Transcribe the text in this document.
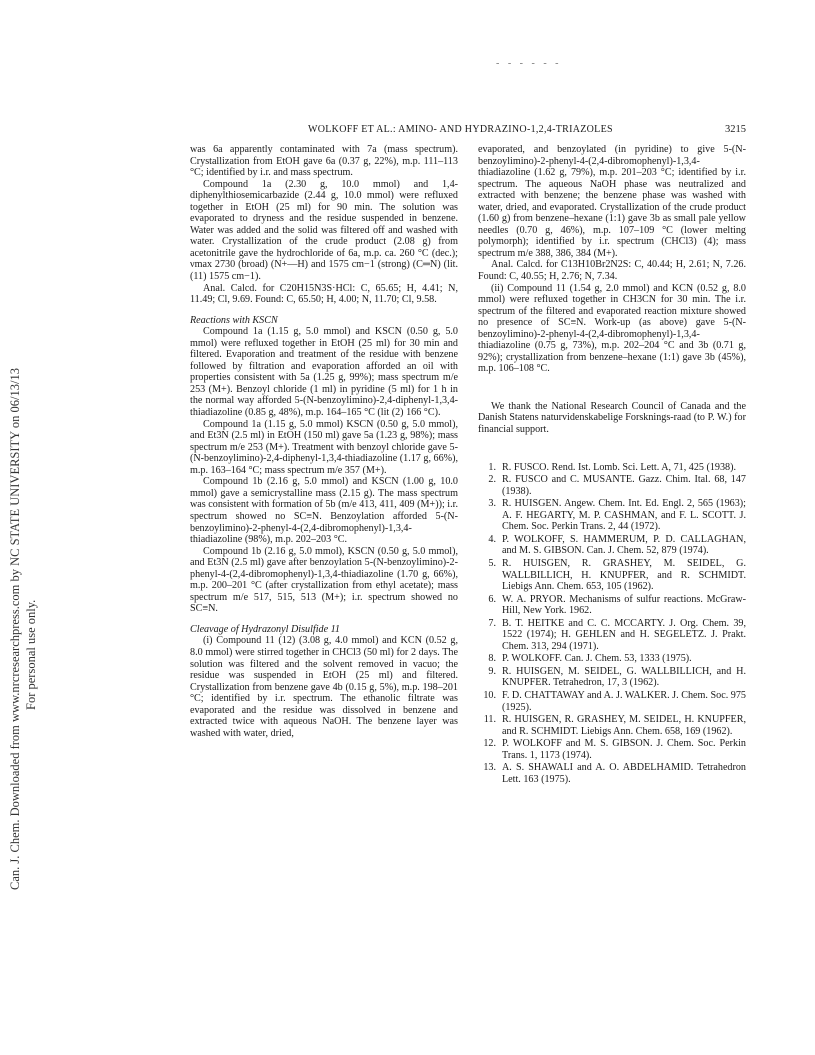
Can. J. Chem. Downloaded from www.nrcresearchpress.com by NC STATE UNIVERSITY on 06/13/13 For personal use only.
- - - - - -
WOLKOFF ET AL.: AMINO- AND HYDRAZINO-1,2,4-TRIAZOLES	3215

was 6a apparently contaminated with 7a (mass spectrum). Crystallization from EtOH gave 6a (0.37 g, 22%), m.p. 111–113 °C; identified by i.r. and mass spectrum.

Compound 1a (2.30 g, 10.0 mmol) and 1,4-diphenylthiosemicarbazide (2.44 g, 10.0 mmol) were refluxed together in EtOH (25 ml) for 90 min. The solution was evaporated to dryness and the residue suspended in benzene. Water was added and the solid was filtered off and washed with water. Crystallization of the crude product (2.08 g) from acetonitrile gave the hydrochloride of 6a, m.p. ca. 260 °C (dec.); νmax 2730 (broad) (N+—H) and 1575 cm−1 (strong) (C═N) (lit. (11) 1575 cm−1).

Anal. Calcd. for C20H15N3S·HCl: C, 65.65; H, 4.41; N, 11.49; Cl, 9.69. Found: C, 65.50; H, 4.00; N, 11.70; Cl, 9.58.

Reactions with KSCN

Compound 1a (1.15 g, 5.0 mmol) and KSCN (0.50 g, 5.0 mmol) were refluxed together in EtOH (25 ml) for 30 min and filtered. Evaporation and treatment of the residue with benzene followed by filtration and evaporation afforded an oil with properties consistent with 5a (1.25 g, 99%); mass spectrum m/e 253 (M+). Benzoyl chloride (1 ml) in pyridine (5 ml) for 1 h in the normal way afforded 5-(N-benzoylimino)-2,4-diphenyl-1,3,4-thiadiazoline (0.85 g, 48%), m.p. 164–165 °C (lit (2) 166 °C).

Compound 1a (1.15 g, 5.0 mmol) KSCN (0.50 g, 5.0 mmol), and Et3N (2.5 ml) in EtOH (150 ml) gave 5a (1.23 g, 98%); mass spectrum m/e 253 (M+). Treatment with benzoyl chloride gave 5-(N-benzoylimino)-2,4-diphenyl-1,3,4-thiadiazoline (1.17 g, 66%), m.p. 163–164 °C; mass spectrum m/e 357 (M+).

Compound 1b (2.16 g, 5.0 mmol) and KSCN (1.00 g, 10.0 mmol) gave a semicrystalline mass (2.15 g). The mass spectrum was consistent with formation of 5b (m/e 413, 411, 409 (M+)); i.r. spectrum showed no SC≡N. Benzoylation afforded 5-(N-benzoylimino)-2-phenyl-4-(2,4-dibromophenyl)-1,3,4-thiadiazoline (98%), m.p. 202–203 °C.

Compound 1b (2.16 g, 5.0 mmol), KSCN (0.50 g, 5.0 mmol), and Et3N (2.5 ml) gave after benzoylation 5-(N-benzoylimino)-2-phenyl-4-(2,4-dibromophenyl)-1,3,4-thiadiazoline (1.70 g, 66%), m.p. 200–201 °C (after crystallization from ethyl acetate); mass spectrum m/e 517, 515, 513 (M+); i.r. spectrum showed no SC≡N.

Cleavage of Hydrazonyl Disulfide 11

(i) Compound 11 (12) (3.08 g, 4.0 mmol) and KCN (0.52 g, 8.0 mmol) were stirred together in CHCl3 (50 ml) for 2 days. The solution was filtered and the solvent removed in vacuo; the residue was suspended in EtOH (25 ml) and filtered. Crystallization from benzene gave 4b (0.15 g, 5%), m.p. 198–201 °C; identified by i.r. spectrum. The ethanolic filtrate was evaporated and the residue was dissolved in benzene and extracted twice with aqueous NaOH. The benzene layer was washed with water, dried,

evaporated, and benzoylated (in pyridine) to give 5-(N-benzoylimino)-2-phenyl-4-(2,4-dibromophenyl)-1,3,4-thiadiazoline (1.62 g, 79%), m.p. 201–203 °C; identified by i.r. spectrum. The aqueous NaOH phase was neutralized and extracted with benzene; the benzene phase was washed with water, dried, and evaporated. Crystallization of the crude product (1.60 g) from benzene–hexane (1:1) gave 3b as small pale yellow needles (0.70 g, 46%), m.p. 107–109 °C (lower melting polymorph); identified by i.r. spectrum (CHCl3) (4); mass spectrum m/e 388, 386, 384 (M+).

Anal. Calcd. for C13H10Br2N2S: C, 40.44; H, 2.61; N, 7.26. Found: C, 40.55; H, 2.76; N, 7.34.

(ii) Compound 11 (1.54 g, 2.0 mmol) and KCN (0.52 g, 8.0 mmol) were refluxed together in CH3CN for 30 min. The i.r. spectrum of the filtered and evaporated reaction mixture showed no presence of SC≡N. Work-up (as above) gave 5-(N-benzoylimino)-2-phenyl-4-(2,4-dibromophenyl)-1,3,4-thiadiazoline (0.75 g, 73%), m.p. 202–204 °C and 3b (0.71 g, 92%); crystallization from benzene–hexane (1:1) gave 3b (45%), m.p. 106–108 °C.

We thank the National Research Council of Canada and the Danish Statens naturvidenskabelige Forsknings-raad (to P. W.) for financial support.

1. R. FUSCO. Rend. Ist. Lomb. Sci. Lett. A, 71, 425 (1938).
2. R. FUSCO and C. MUSANTE. Gazz. Chim. Ital. 68, 147 (1938).
3. R. HUISGEN. Angew. Chem. Int. Ed. Engl. 2, 565 (1963); A. F. HEGARTY, M. P. CASHMAN, and F. L. SCOTT. J. Chem. Soc. Perkin Trans. 2, 44 (1972).
4. P. WOLKOFF, S. HAMMERUM, P. D. CALLAGHAN, and M. S. GIBSON. Can. J. Chem. 52, 879 (1974).
5. R. HUISGEN, R. GRASHEY, M. SEIDEL, G. WALLBILLICH, H. KNUPFER, and R. SCHMIDT. Liebigs Ann. Chem. 653, 105 (1962).
6. W. A. PRYOR. Mechanisms of sulfur reactions. McGraw-Hill, New York. 1962.
7. B. T. HEITKE and C. C. MCCARTY. J. Org. Chem. 39, 1522 (1974); H. GEHLEN and H. SEGELETZ. J. Prakt. Chem. 313, 294 (1971).
8. P. WOLKOFF. Can. J. Chem. 53, 1333 (1975).
9. R. HUISGEN, M. SEIDEL, G. WALLBILLICH, and H. KNUPFER. Tetrahedron, 17, 3 (1962).
10. F. D. CHATTAWAY and A. J. WALKER. J. Chem. Soc. 975 (1925).
11. R. HUISGEN, R. GRASHEY, M. SEIDEL, H. KNUPFER, and R. SCHMIDT. Liebigs Ann. Chem. 658, 169 (1962).
12. P. WOLKOFF and M. S. GIBSON. J. Chem. Soc. Perkin Trans. 1, 1173 (1974).
13. A. S. SHAWALI and A. O. ABDELHAMID. Tetrahedron Lett. 163 (1975).
